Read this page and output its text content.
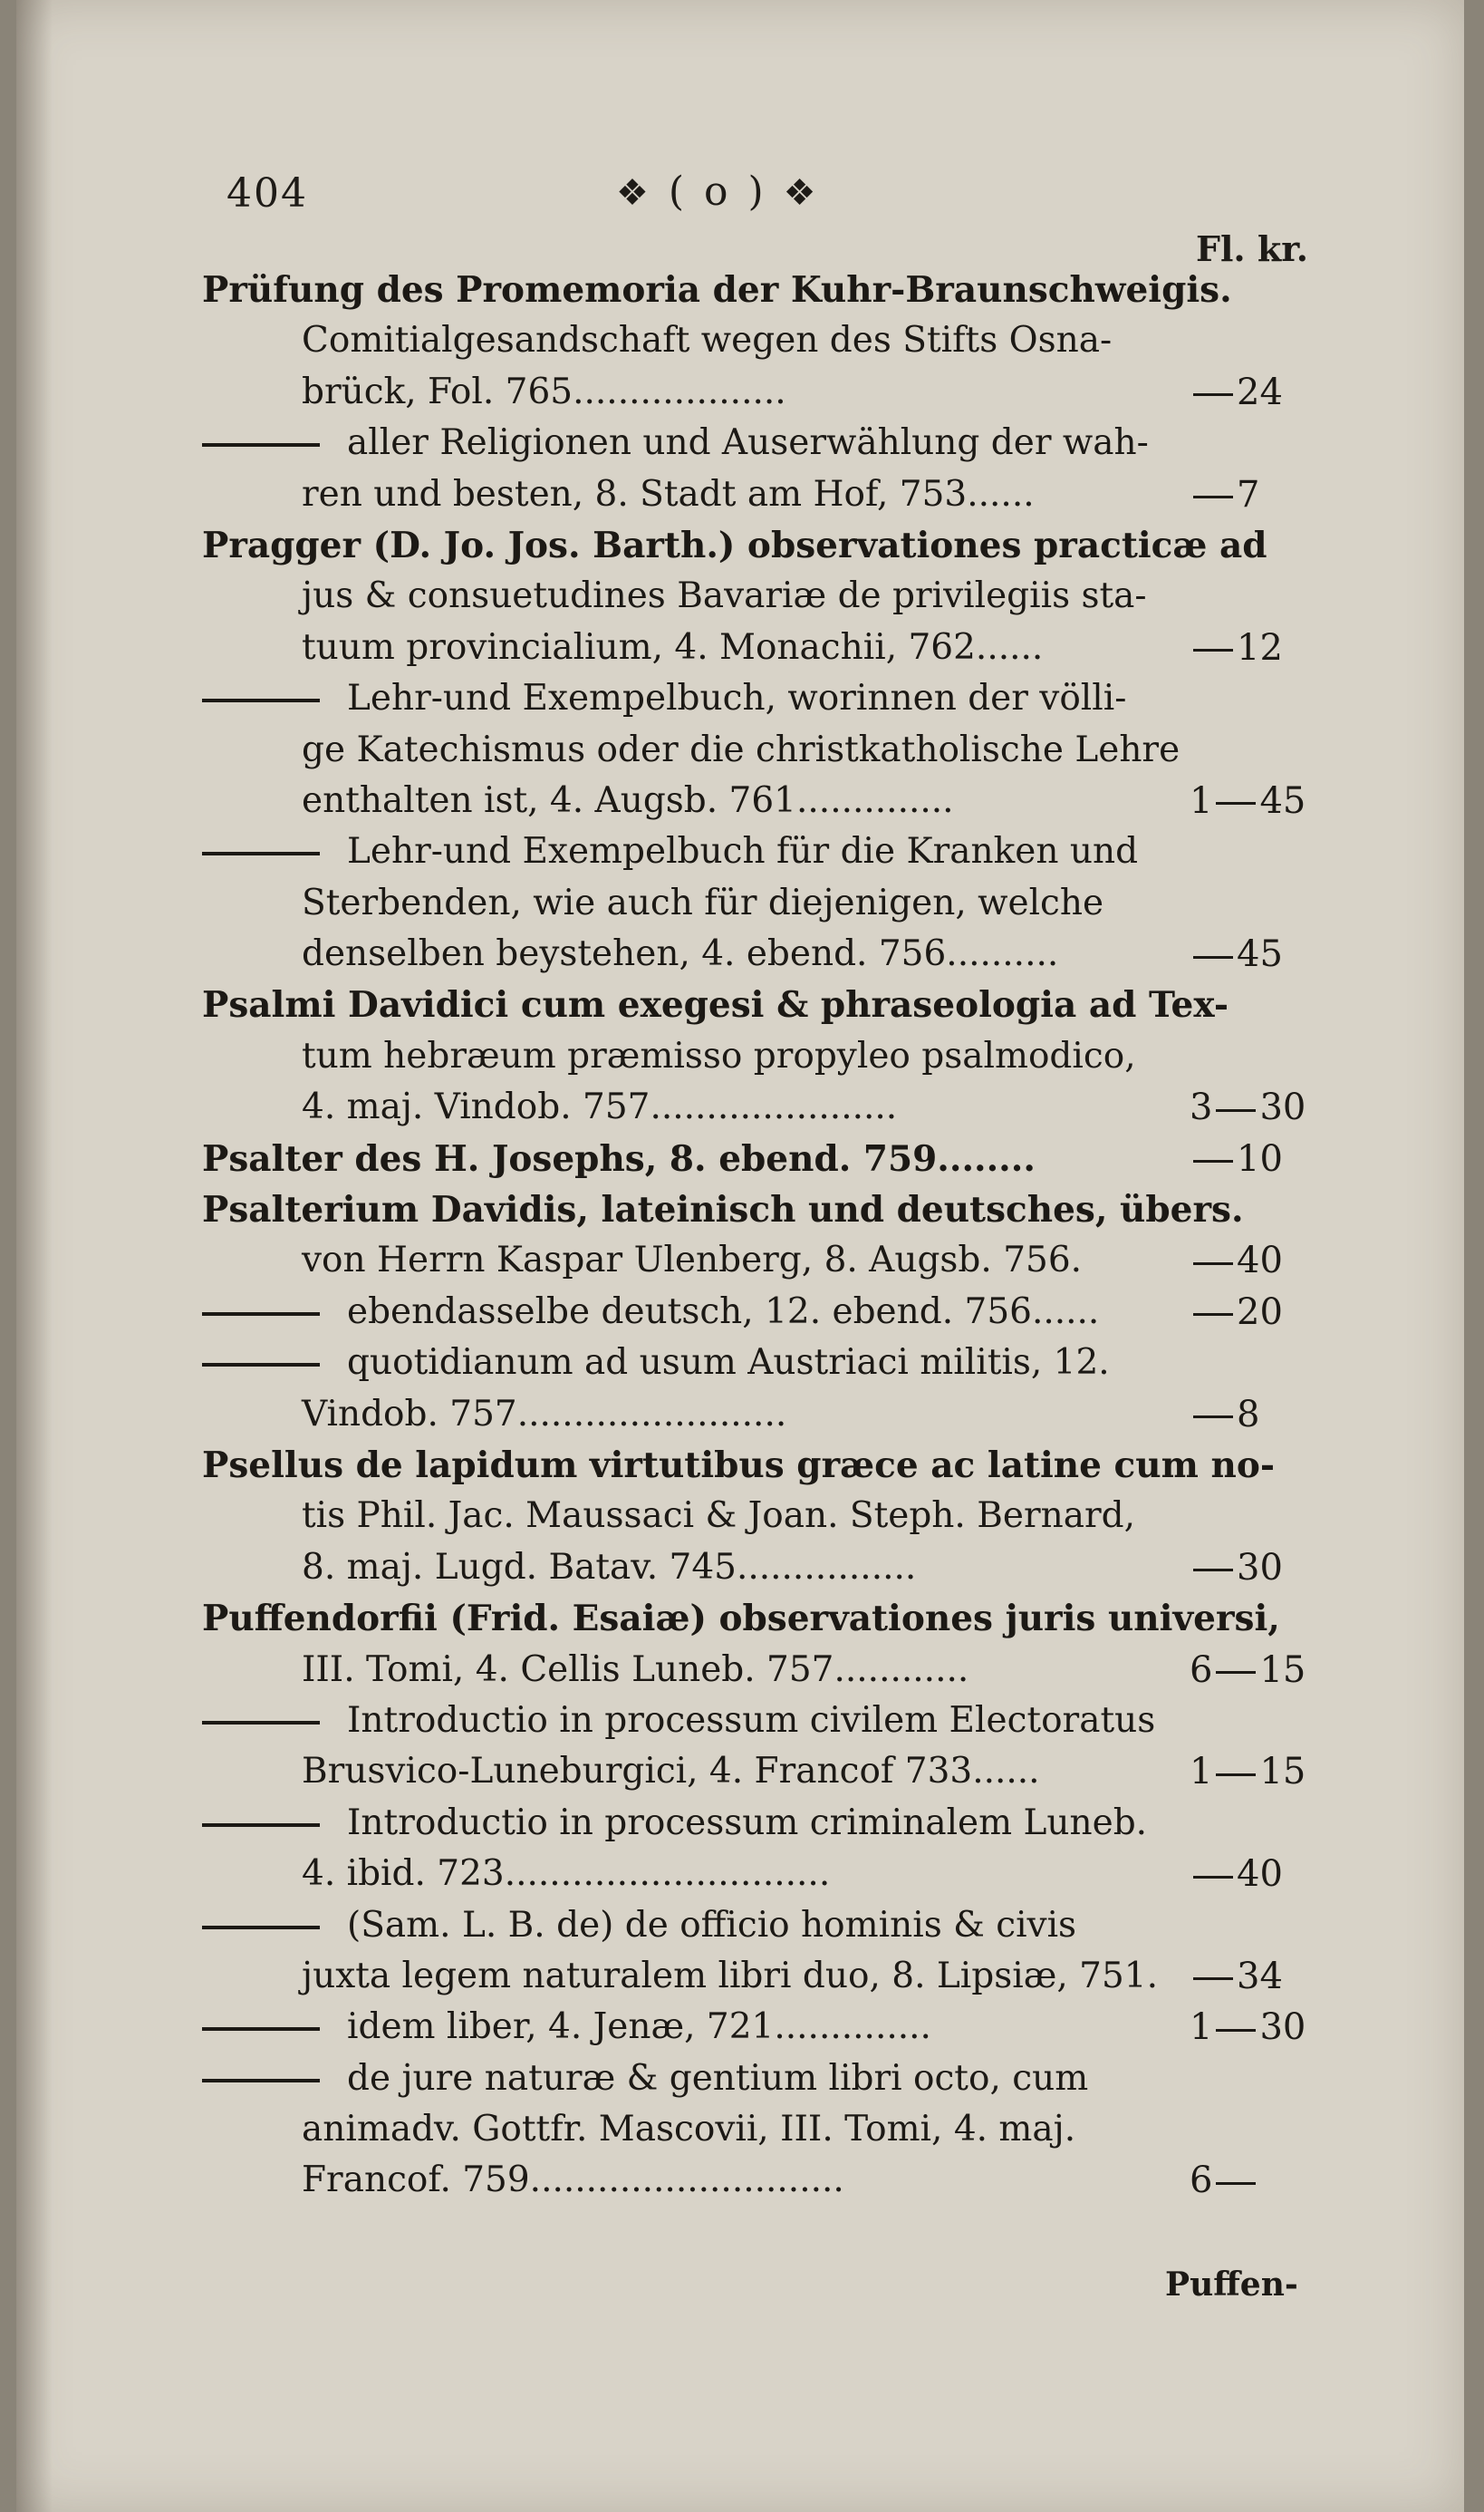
404	❖ ( o ) ❖
Fl. kr.
Prüfung des Promemoria der Kuhr-Braunschweigis.
Comitialgesandschaft wegen des Stifts Osna-
brück, Fol. 765...................	24
aller Religionen und Auserwählung der wah-
ren und besten, 8. Stadt am Hof, 753......	7
Pragger (D. Jo. Jos. Barth.) observationes practicæ ad
jus & consuetudines Bavariæ de privilegiis sta-
tuum provincialium, 4. Monachii, 762......	12
Lehr-und Exempelbuch, worinnen der völli-
ge Katechismus oder die christkatholische Lehre
enthalten ist, 4. Augsb. 761..............	1 45
Lehr-und Exempelbuch für die Kranken und
Sterbenden, wie auch für diejenigen, welche
denselben beystehen, 4. ebend. 756..........	45
Psalmi Davidici cum exegesi & phraseologia ad Tex-
tum hebræum præmisso propyleo psalmodico,
4. maj. Vindob. 757......................	3 30
Psalter des H. Josephs, 8. ebend. 759........	10
Psalterium Davidis, lateinisch und deutsches, übers.
von Herrn Kaspar Ulenberg, 8. Augsb. 756.	40
ebendasselbe deutsch, 12. ebend. 756......	20
quotidianum ad usum Austriaci militis, 12.
Vindob. 757........................	8
Psellus de lapidum virtutibus græce ac latine cum no-
tis Phil. Jac. Maussaci & Joan. Steph. Bernard,
8. maj. Lugd. Batav. 745................	30
Puffendorfii (Frid. Esaiæ) observationes juris universi,
III. Tomi, 4. Cellis Luneb. 757............	6 15
Introductio in processum civilem Electoratus
Brusvico-Luneburgici, 4. Francof 733......	1 15
Introductio in processum criminalem Luneb.
4. ibid. 723.............................	40
(Sam. L. B. de) de officio hominis & civis
juxta legem naturalem libri duo, 8. Lipsiæ, 751.	34
idem liber, 4. Jenæ, 721..............	1 30
de jure naturæ & gentium libri octo, cum
animadv. Gottfr. Mascovii, III. Tomi, 4. maj.
Francof. 759............................	6
Puffen-
